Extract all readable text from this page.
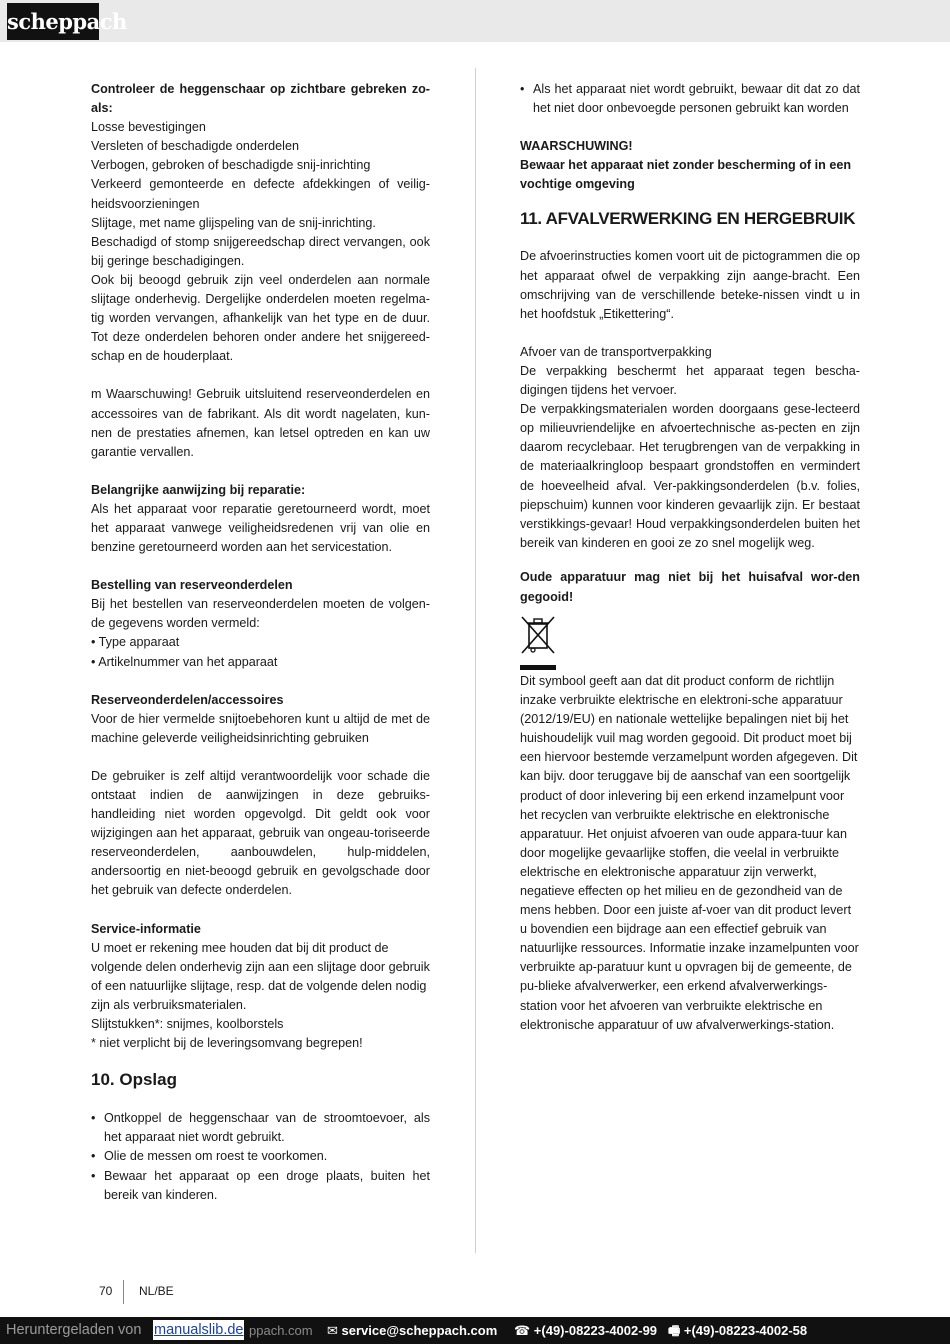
scheppach

Controleer de heggenschaar op zichtbare gebreken zo-als:

Losse bevestigingen

Versleten of beschadigde onderdelen

Verbogen, gebroken of beschadigde snij-inrichting

Verkeerd gemonteerde en defecte afdekkingen of veilig-heidsvoorzieningen

Slijtage, met name glijspeling van de snij-inrichting.

Beschadigd of stomp snijgereedschap direct vervangen, ook bij geringe beschadigingen.

Ook bij beoogd gebruik zijn veel onderdelen aan normale slijtage onderhevig. Dergelijke onderdelen moeten regelma-tig worden vervangen, afhankelijk van het type en de duur. Tot deze onderdelen behoren onder andere het snijgereed-schap en de houderplaat.

m Waarschuwing! Gebruik uitsluitend reserveonderdelen en accessoires van de fabrikant. Als dit wordt nagelaten, kun-nen de prestaties afnemen, kan letsel optreden en kan uw garantie vervallen.

Belangrijke aanwijzing bij reparatie:

Als het apparaat voor reparatie geretourneerd wordt, moet het apparaat vanwege veiligheidsredenen vrij van olie en benzine geretourneerd worden aan het servicestation.

Bestelling van reserveonderdelen

Bij het bestellen van reserveonderdelen moeten de volgen-de gegevens worden vermeld:

• Type apparaat

• Artikelnummer van het apparaat

Reserveonderdelen/accessoires

Voor de hier vermelde snijtoebehoren kunt u altijd de met de machine geleverde veiligheidsinrichting gebruiken

De gebruiker is zelf altijd verantwoordelijk voor schade die ontstaat indien de aanwijzingen in deze gebruiks-handleiding niet worden opgevolgd. Dit geldt ook voor wijzigingen aan het apparaat, gebruik van ongeau-toriseerde reserveonderdelen, aanbouwdelen, hulp-middelen, andersoortig en niet-beoogd gebruik en gevolgschade door het gebruik van defecte onderdelen.

Service-informatie

U moet er rekening mee houden dat bij dit product de volgende delen onderhevig zijn aan een slijtage door gebruik of een natuurlijke slijtage, resp. dat de volgende delen nodig zijn als verbruiksmaterialen.

Slijtstukken*: snijmes, koolborstels

* niet verplicht bij de leveringsomvang begrepen!

10. Opslag
• Ontkoppel de heggenschaar van de stroomtoevoer, als het apparaat niet wordt gebruikt.
• Olie de messen om roest te voorkomen.
• Bewaar het apparaat op een droge plaats, buiten het bereik van kinderen.
• Als het apparaat niet wordt gebruikt, bewaar dit dat zo dat het niet door onbevoegde personen gebruikt kan worden

WAARSCHUWING!

Bewaar het apparaat niet zonder bescherming of in een vochtige omgeving

11. AFVALVERWERKING EN HERGEBRUIK

De afvoerinstructies komen voort uit de pictogrammen die op het apparaat ofwel de verpakking zijn aange-bracht. Een omschrijving van de verschillende beteke-nissen vindt u in het hoofdstuk „Etikettering“.

Afvoer van de transportverpakking

De verpakking beschermt het apparaat tegen bescha-digingen tijdens het vervoer.

De verpakkingsmaterialen worden doorgaans gese-lecteerd op milieuvriendelijke en afvoertechnische as-pecten en zijn daarom recyclebaar. Het terugbrengen van de verpakking in de materiaalkringloop bespaart grondstoffen en vermindert de hoeveelheid afval. Ver-pakkingsonderdelen (b.v. folies, piepschuim) kunnen voor kinderen gevaarlijk zijn. Er bestaat verstikkings-gevaar! Houd verpakkingsonderdelen buiten het bereik van kinderen en gooi ze zo snel mogelijk weg.

Oude apparatuur mag niet bij het huisafval wor-den gegooid!

Dit symbool geeft aan dat dit product conform de richtlijn inzake verbruikte elektrische en elektroni-sche apparatuur (2012/19/EU) en nationale wettelijke bepalingen niet bij het huishoudelijk vuil mag worden gegooid. Dit product moet bij een hiervoor bestemde verzamelpunt worden afgegeven. Dit kan bijv. door teruggave bij de aanschaf van een soortgelijk product of door inlevering bij een erkend inzamelpunt voor het recyclen van verbruikte elektrische en elektronische apparatuur. Het onjuist afvoeren van oude appara-tuur kan door mogelijke gevaarlijke stoffen, die veelal in verbruikte elektrische en elektronische apparatuur zijn verwerkt, negatieve effecten op het milieu en de gezondheid van de mens hebben. Door een juiste af-voer van dit product levert u bovendien een bijdrage aan een effectief gebruik van natuurlijke ressources. Informatie inzake inzamelpunten voor verbruikte ap-paratuur kunt u opvragen bij de gemeente, de pu-blieke afvalverwerker, een erkend afvalverwerkings-station voor het afvoeren van verbruikte elektrische en elektronische apparatuur of uw afvalverwerkings-station.

70 NL/BE
Heruntergeladen von manualslib.de ppach.com ✉ service@scheppach.com ☎ +(49)-08223-4002-99 🖷 +(49)-08223-4002-58
